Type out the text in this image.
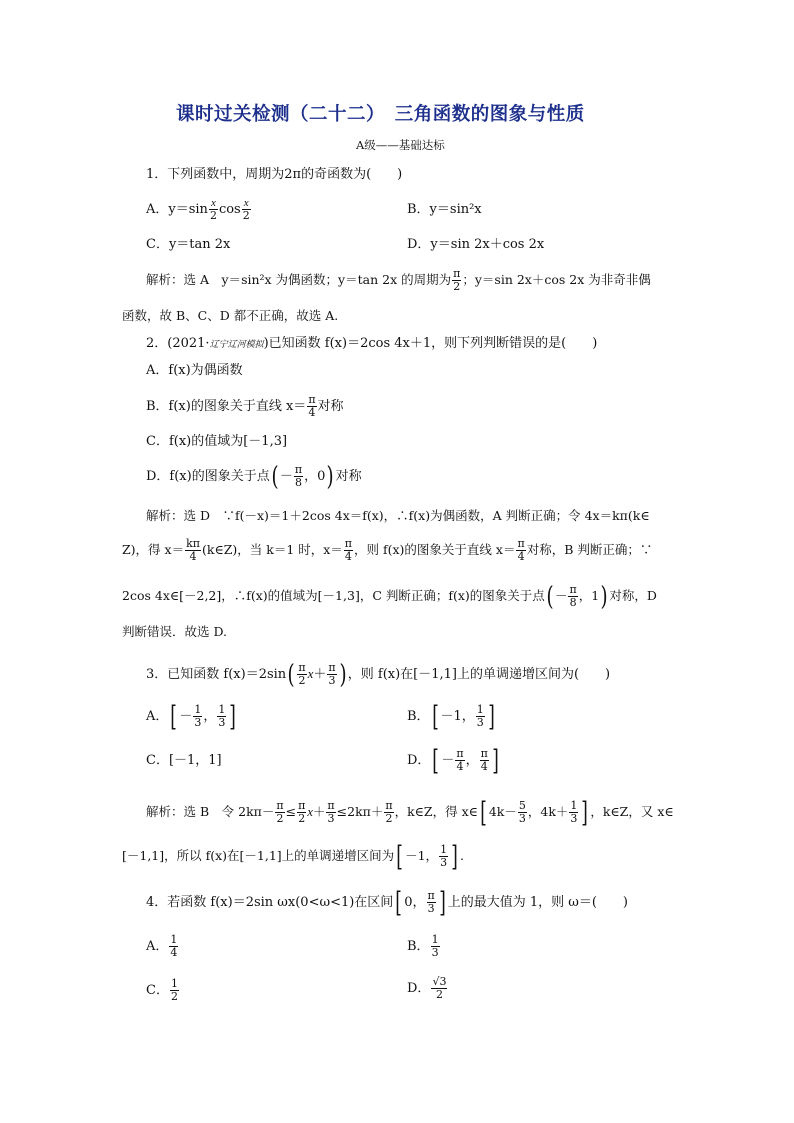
课时过关检测（二十二）　三角函数的图象与性质
A级——基础达标
1．下列函数中，周期为2π的奇函数为(　　)
A．$y=\sin \frac{x}{2}$ $\cos \frac{x}{2}$	B．y＝sin²x
C．y＝tan 2x	D．y＝sin 2x＋cos 2x
解析：选 A　y＝sin²x 为偶函数；y＝tan 2x 的周期为 $\frac{\pi}{2}$ ；y＝sin 2x＋cos 2x 为非奇非偶
函数，故 B、C、D 都不正确，故选 A.
2．(2021·辽宁辽河模拟)已知函数 f(x)＝2cos 4x＋1，则下列判断错误的是(　　)
A．f(x)为偶函数
B．f(x)的图象关于直线 $x= \frac{\pi}{4}$ 对称
C．f(x)的值域为[－1,3]
D．f(x)的图象关于点( － $\frac{\pi}{8}$ ，0) 对称
解析：选 D　∵f(－x)＝1＋2cos 4x＝f(x)，∴f(x)为偶函数，A 判断正确；令 4x＝kπ(k∈
Z)，得 $x= \frac{k\pi}{4}$ (k∈Z)，当 k＝1 时，$x= \frac{\pi}{4}$ ，则 f(x)的图象关于直线 $x= \frac{\pi}{4}$ 对称，B 判断正确；∵
2cos 4x∈[－2,2]，∴f(x)的值域为[－1,3]，C 判断正确；f(x)的图象关于点( － $\frac{\pi}{8}$ ，1) 对称，D
判断错误．故选 D.
3．已知函数 $f(x)=2\sin( \frac{\pi}{2} x+ \frac{\pi}{3}$ ) ，则 f(x)在[－1,1]上的单调递增区间为(　　)
A．[ － $\frac{1}{3}$ ， $\frac{1}{3}$ ]	B．[ －1， $\frac{1}{3}$ ]
C．[－1，1]	D．[ － $\frac{\pi}{4}$ ， $\frac{\pi}{4}$ ]
解析：选 B　令 $2k\pi- \frac{\pi}{2} \le \frac{\pi}{2} x+ \frac{\pi}{3} \le 2k\pi+ \frac{\pi}{2}$ ，k∈Z，得 x∈[ $4k- \frac{5}{3}$ ，$4k+ \frac{1}{3}$ ] ，k∈Z，又 x∈
[－1,1]，所以 f(x)在[－1,1]上的单调递增区间为[ －1， $\frac{1}{3}$ ] .
4．若函数 f(x)＝2sin ωx(0<ω<1)在区间[ 0， $\frac{\pi}{3}$ ] 上的最大值为 1，则 ω＝(　　)
A． $\frac{1}{4}$	B． $\frac{1}{3}$
C． $\frac{1}{2}$	D． $\frac{√3}{2}$
